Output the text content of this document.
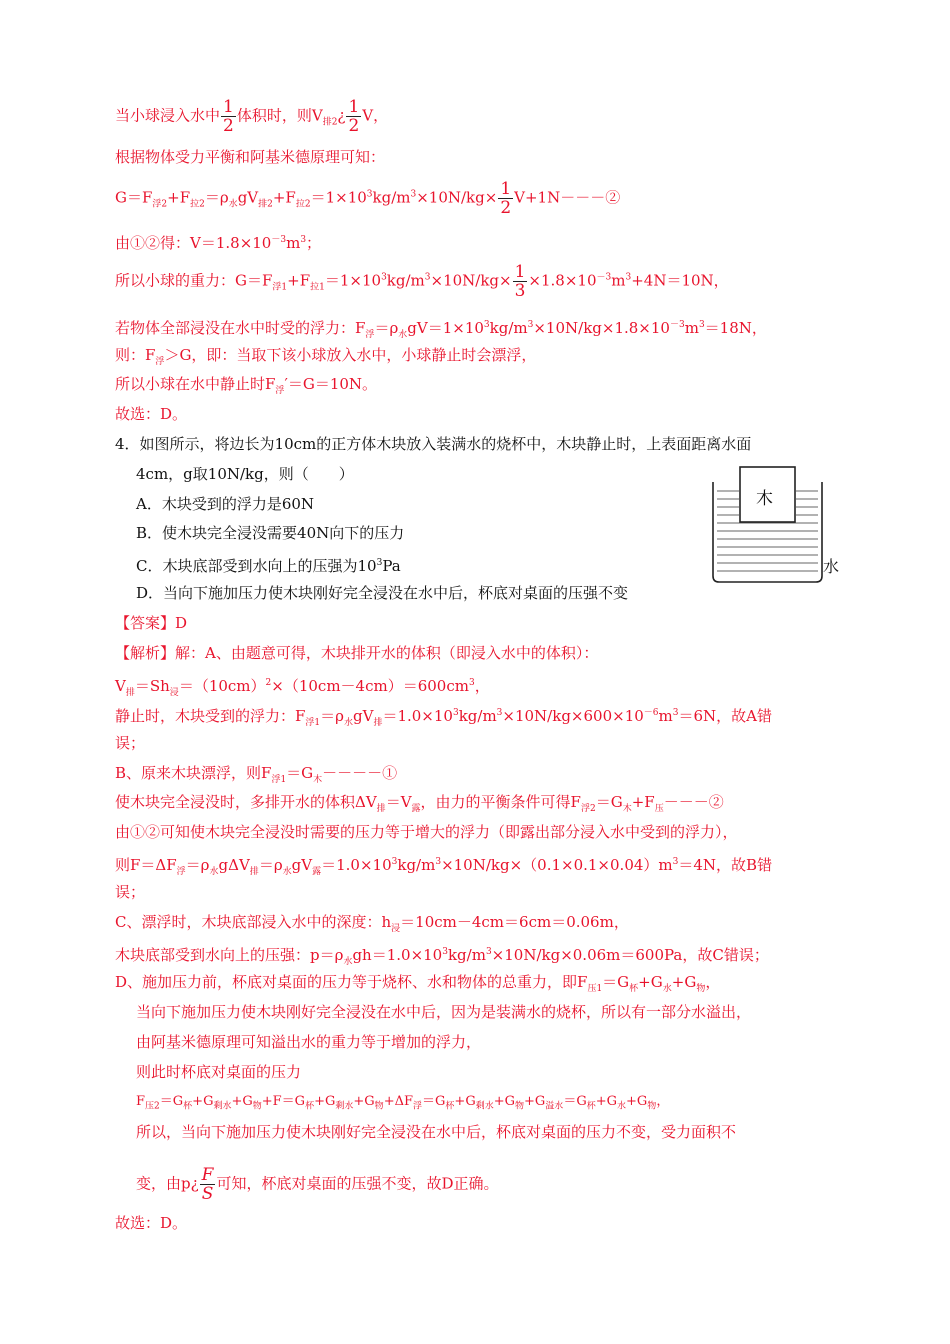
当小球浸入水中 $\frac{1}{2}$ 体积时，则$V_{排2}¿ \frac{1}{2}$ V，
根据物体受力平衡和阿基米德原理可知：
$G=F_{浮2}+F_{拉2}=\rho_水gV_{排2}+F_{拉2}=1\times 10^3kg/m^3\times 10N/kg\times \frac{1}{2}$ V+1N－－－②
由①②得：$V=1.8\times 10^{-3}m^3$；
所以小球的重力：$G=F_{浮1}+F_{拉1}=1\times 10^3kg/m^3\times 10N/kg\times \frac{1}{3} \times 1.8\times 10^{-3}m^3+4N=10N$，
若物体全部浸没在水中时受的浮力：$F_浮=\rho_水gV=1\times 10^3kg/m^3\times 10N/kg\times 1.8\times 10^{-3}m^3=18N$，
则：$F_浮>G$，即：当取下该小球放入水中，小球静止时会漂浮，
所以小球在水中静止时$F_浮'=G=10N$。
故选：D。
4．如图所示，将边长为10cm的正方体木块放入装满水的烧杯中，木块静止时，上表面距离水面
4cm，g取10N/kg，则（　　）
A．木块受到的浮力是60N
B．使木块完全浸没需要40N向下的压力
C．木块底部受到水向上的压强为$10^3Pa$
D．当向下施加压力使木块刚好完全浸没在水中后，杯底对桌面的压强不变
木
水
【答案】D
【解析】解：A、由题意可得，木块排开水的体积（即浸入水中的体积）：
$V_排=Sh_浸=(10cm)^2\times(10cm-4cm)=600cm^3$，
静止时，木块受到的浮力：$F_{浮1}=\rho_水gV_排=1.0\times 10^3kg/m^3\times 10N/kg\times 600\times 10^{-6}m^3=6N$，故A错
误；
B、原来木块漂浮，则$F_{浮1}=G_木----①$
使木块完全浸没时，多排开水的体积$\Delta V_排=V_露$，由力的平衡条件可得$F_{浮2}=G_木+F_压---②$
由①②可知使木块完全浸没时需要的压力等于增大的浮力（即露出部分浸入水中受到的浮力），
则$F=\Delta F_浮=\rho_水g\Delta V_排=\rho_水gV_露=1.0\times 10^3kg/m^3\times 10N/kg\times(0.1\times 0.1\times 0.04)m^3=4N$，故B错
误；
C、漂浮时，木块底部浸入水中的深度：$h_浸=10cm-4cm=6cm=0.06m$，
木块底部受到水向上的压强：$p=\rho_水gh=1.0\times 10^3kg/m^3\times 10N/kg\times 0.06m=600Pa$，故C错误；
D、施加压力前，杯底对桌面的压力等于烧杯、水和物体的总重力，即$F_{压1}=G_杯+G_水+G_物$，
当向下施加压力使木块刚好完全浸没在水中后，因为是装满水的烧杯，所以有一部分水溢出，
由阿基米德原理可知溢出水的重力等于增加的浮力，
则此时杯底对桌面的压力
$F_{压2}=G_杯+G_{剩水}+G_物+F=G_杯+G_{剩水}+G_物+\Delta F_浮=G_杯+G_{剩水}+G_物+G_{溢水}=G_杯+G_水+G_物$，
所以，当向下施加压力使木块刚好完全浸没在水中后，杯底对桌面的压力不变，受力面积不
变，由p¿ $\frac{F}{S}$ 可知，杯底对桌面的压强不变，故D正确。
故选：D。
